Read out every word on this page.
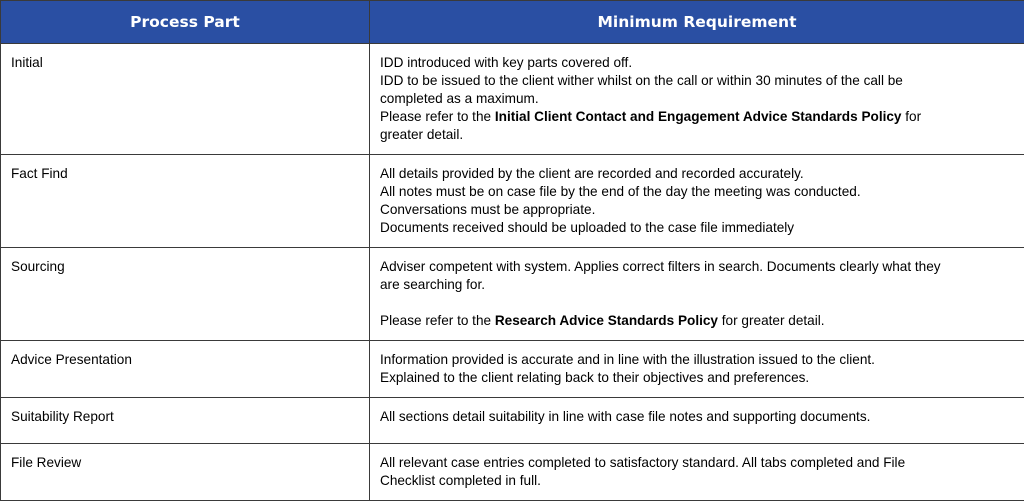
Process Part	Minimum Requirement
Initial	IDD introduced with key parts covered off.
IDD to be issued to the client wither whilst on the call or within 30 minutes of the call be
completed as a maximum.
Please refer to the Initial Client Contact and Engagement Advice Standards Policy for
greater detail.

Fact Find	All details provided by the client are recorded and recorded accurately.
All notes must be on case file by the end of the day the meeting was conducted.
Conversations must be appropriate.
Documents received should be uploaded to the case file immediately

Sourcing	Adviser competent with system. Applies correct filters in search. Documents clearly what they
are searching for.
Please refer to the Research Advice Standards Policy for greater detail.

Advice Presentation	Information provided is accurate and in line with the illustration issued to the client.
Explained to the client relating back to their objectives and preferences.

Suitability Report	All sections detail suitability in line with case file notes and supporting documents.

File Review	All relevant case entries completed to satisfactory standard. All tabs completed and File
Checklist completed in full.
